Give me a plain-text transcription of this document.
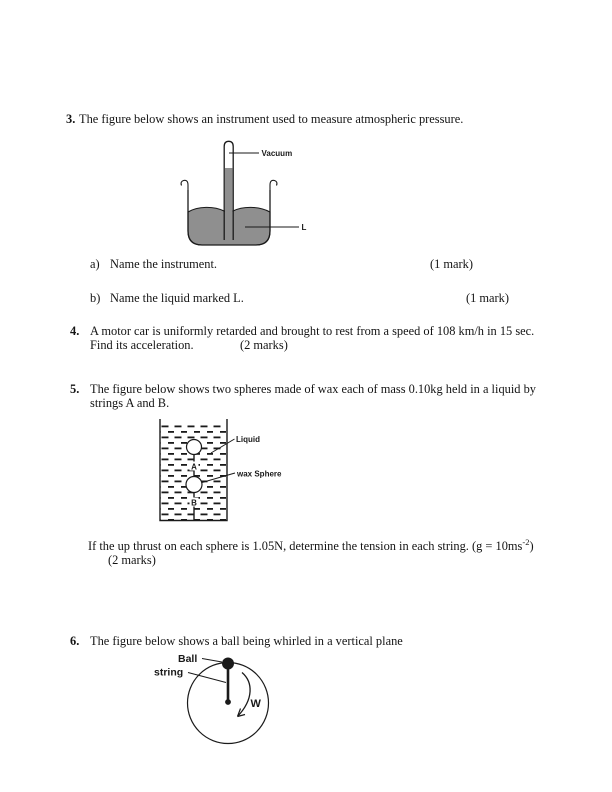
3. The figure below shows an instrument used to measure atmospheric pressure.
Vacuum
L
a) Name the instrument.	(1 mark)
b) Name the liquid marked L.	(1 mark)
4. A motor car is uniformly retarded and brought to rest from a speed of 108 km/h in 15 sec.
Find its acceleration.	(2 marks)
5. The figure below shows two spheres made of wax each of mass 0.10kg held in a liquid by
strings A and B.
A
B
Liquid
wax Sphere
If the up thrust on each sphere is 1.05N, determine the tension in each string. $(g = 10ms^{-2})$
(2 marks)
6. The figure below shows a ball being whirled in a vertical plane
Ball
string
W
